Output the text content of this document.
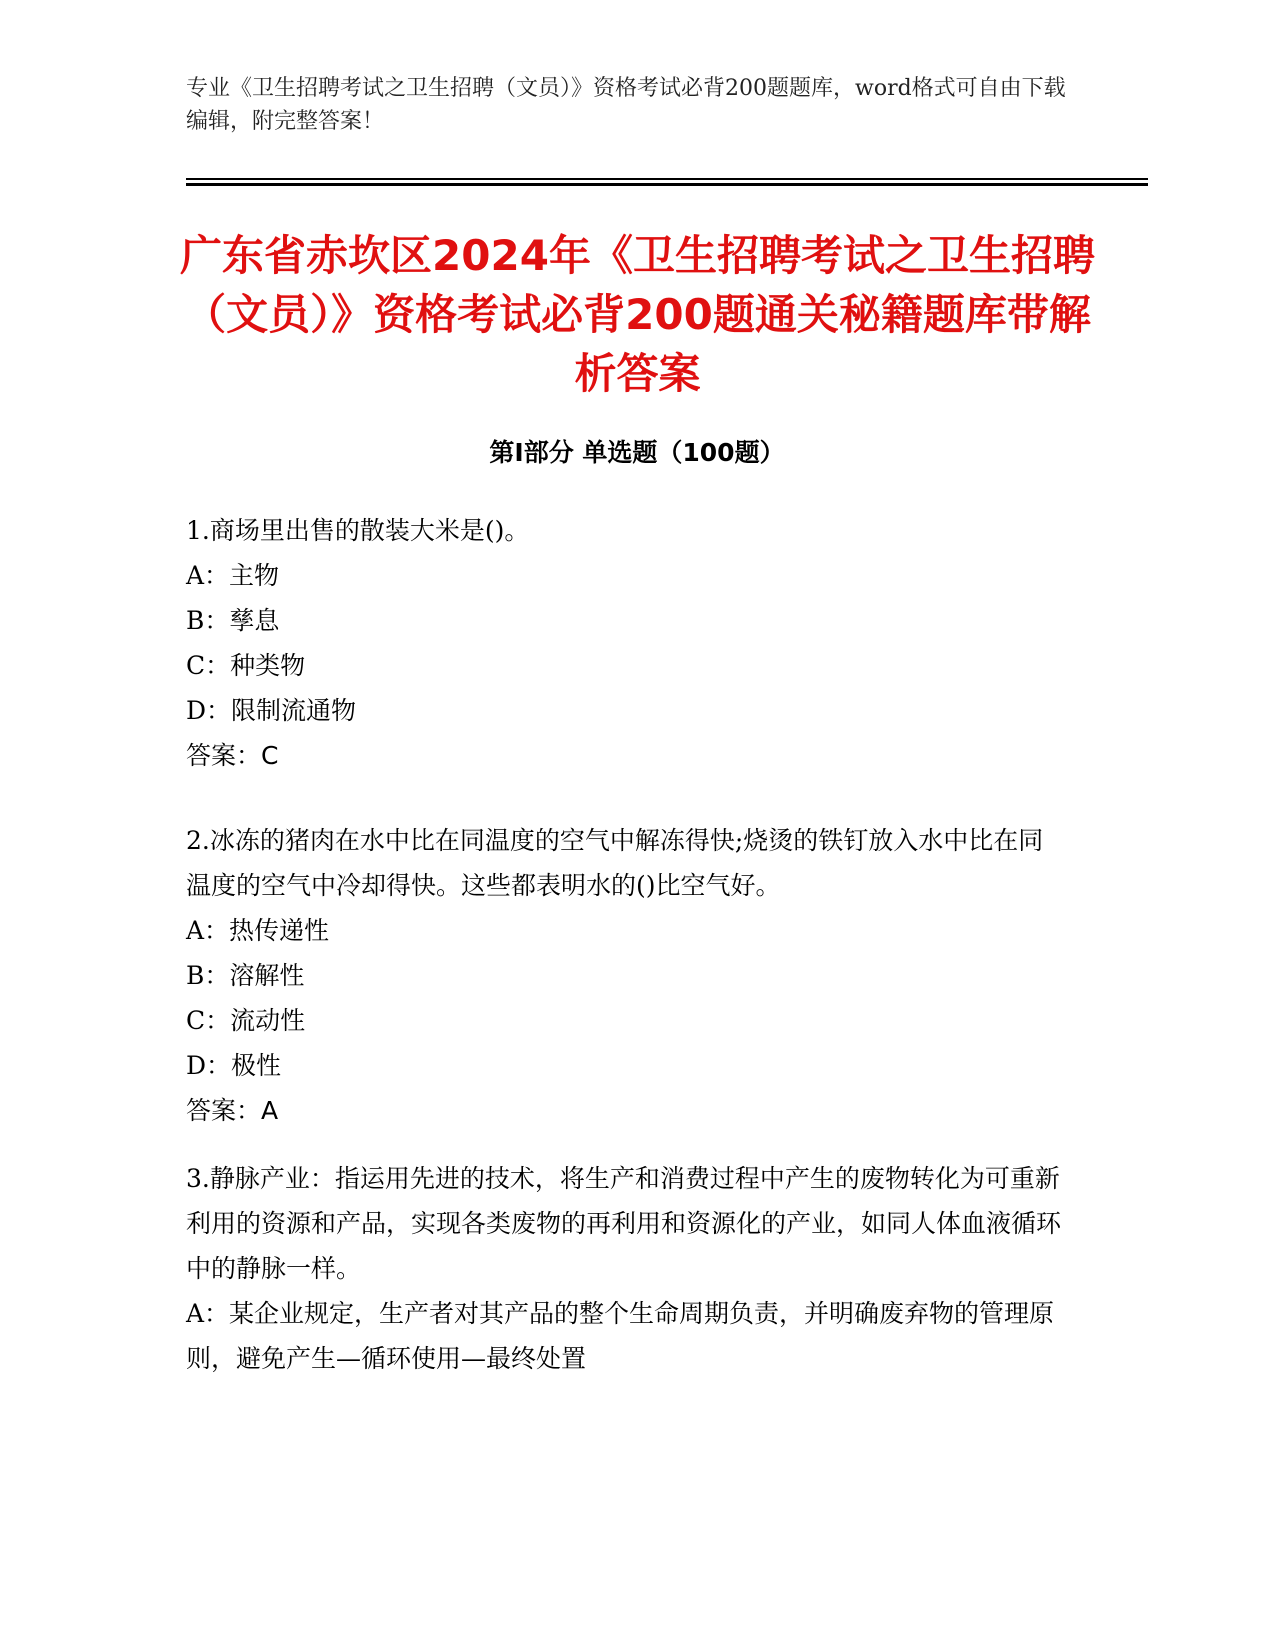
专业《卫生招聘考试之卫生招聘（文员）》资格考试必背200题题库，word格式可自由下载编辑，附完整答案！
广东省赤坎区2024年《卫生招聘考试之卫生招聘（文员）》资格考试必背200题通关秘籍题库带解析答案
第Ⅰ部分 单选题（100题）

1.商场里出售的散装大米是()。

A：主物

B：孳息

C：种类物

D：限制流通物

答案：C

2.冰冻的猪肉在水中比在同温度的空气中解冻得快;烧烫的铁钉放入水中比在同温度的空气中冷却得快。这些都表明水的()比空气好。

A：热传递性

B：溶解性

C：流动性

D：极性

答案：A

3.静脉产业：指运用先进的技术，将生产和消费过程中产生的废物转化为可重新利用的资源和产品，实现各类废物的再利用和资源化的产业，如同人体血液循环中的静脉一样。

A：某企业规定，生产者对其产品的整个生命周期负责，并明确废弃物的管理原则，避免产生—循环使用—最终处置
